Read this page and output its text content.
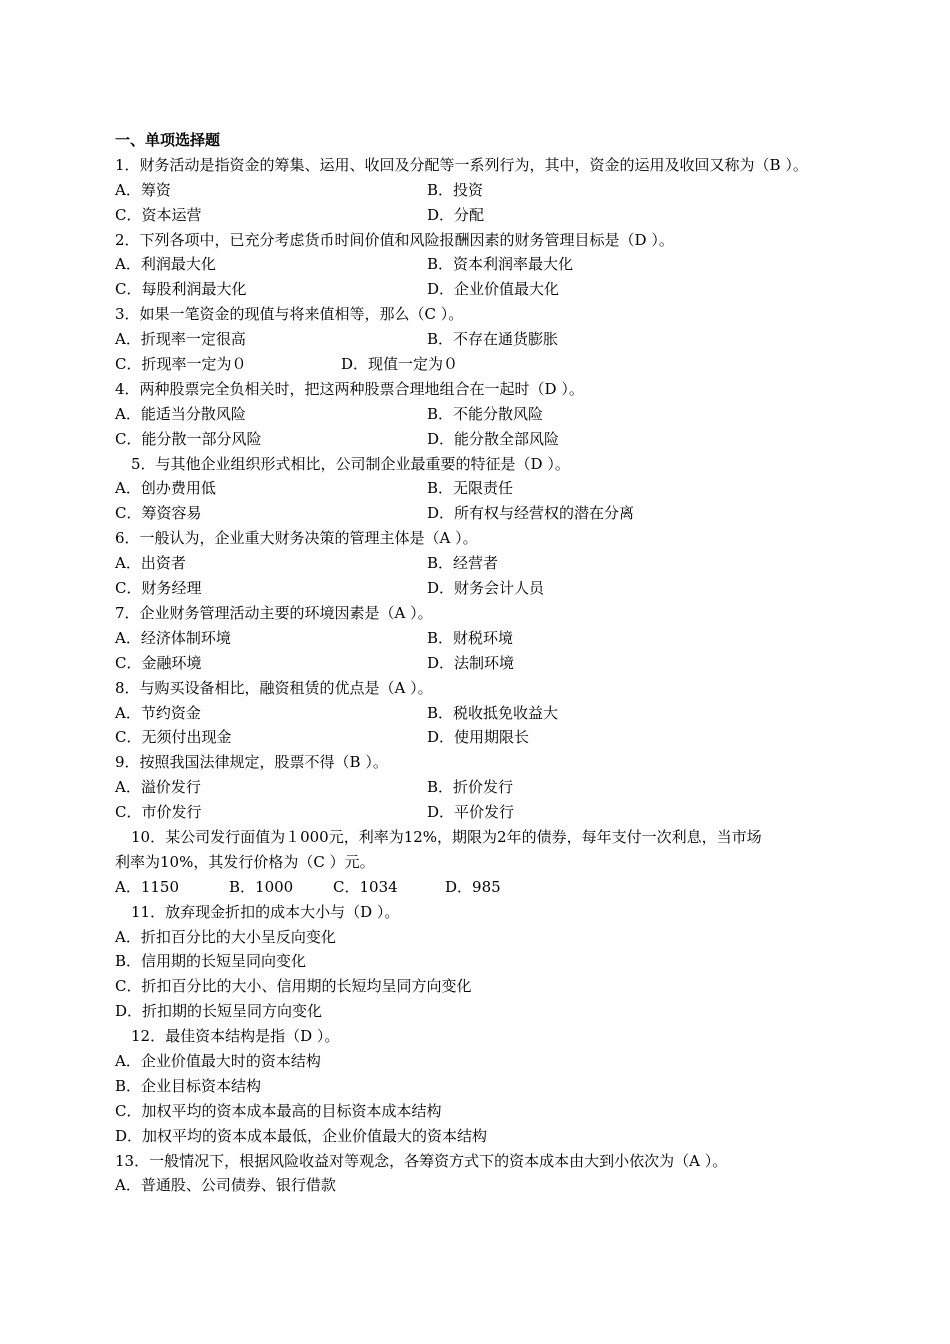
一、单项选择题
1．财务活动是指资金的筹集、运用、收回及分配等一系列行为，其中，资金的运用及收回又称为（B ）。
A．筹资	B．投资
C．资本运营	D．分配
2．下列各项中，已充分考虑货币时间价值和风险报酬因素的财务管理目标是（D ）。
A．利润最大化	B．资本利润率最大化
C．每股利润最大化	D．企业价值最大化
3．如果一笔资金的现值与将来值相等，那么（C ）。
A．折现率一定很高	B．不存在通货膨胀
C．折现率一定为０	D．现值一定为０
4．两种股票完全负相关时，把这两种股票合理地组合在一起时（D ）。
A．能适当分散风险	B．不能分散风险
C．能分散一部分风险	D．能分散全部风险
5．与其他企业组织形式相比，公司制企业最重要的特征是（D ）。
A．创办费用低	B．无限责任
C．筹资容易	D．所有权与经营权的潜在分离
6．一般认为，企业重大财务决策的管理主体是（A ）。
A．出资者	B．经营者
C．财务经理	D．财务会计人员
7．企业财务管理活动主要的环境因素是（A ）。
A．经济体制环境	B．财税环境
C．金融环境	D．法制环境
8．与购买设备相比，融资租赁的优点是（A ）。
A．节约资金	B．税收抵免收益大
C．无须付出现金	D．使用期限长
9．按照我国法律规定，股票不得（B ）。
A．溢价发行	B．折价发行
C．市价发行	D．平价发行
10．某公司发行面值为１000元，利率为12%，期限为2年的债券，每年支付一次利息，当市场
利率为10%，其发行价格为（C ）元。
A．1150	B．1000	C．1034	D．985
11．放弃现金折扣的成本大小与（D ）。
A．折扣百分比的大小呈反向变化
B．信用期的长短呈同向变化
C．折扣百分比的大小、信用期的长短均呈同方向变化
D．折扣期的长短呈同方向变化
12．最佳资本结构是指（D ）。
A．企业价值最大时的资本结构
B．企业目标资本结构
C．加权平均的资本成本最高的目标资本成本结构
D．加权平均的资本成本最低，企业价值最大的资本结构
13．一般情况下，根据风险收益对等观念，各筹资方式下的资本成本由大到小依次为（A ）。
A．普通股、公司债券、银行借款
